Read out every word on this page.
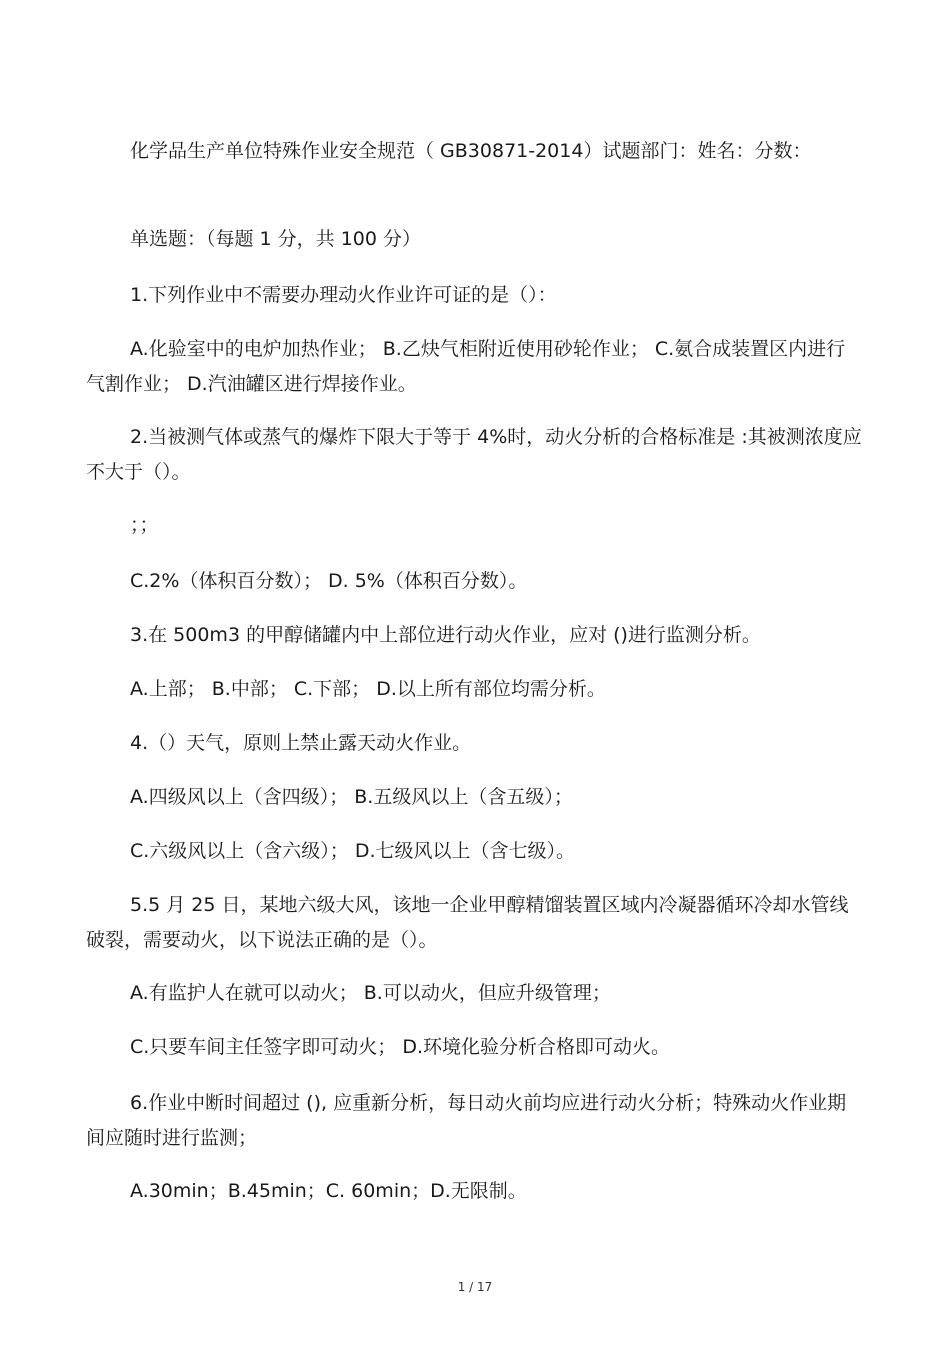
化学品生产单位特殊作业安全规范（ GB30871-2014）试题部门：姓名：分数：

单选题：（每题 1 分，共 100 分）

1.下列作业中不需要办理动火作业许可证的是（）：

A.化验室中的电炉加热作业； B.乙炔气柜附近使用砂轮作业； C.氨合成装置区内进行气割作业； D.汽油罐区进行焊接作业。

2.当被测气体或蒸气的爆炸下限大于等于 4%时，动火分析的合格标准是 :其被测浓度应不大于（）。

；；

C.2%（体积百分数）； D. 5%（体积百分数）。

3.在 500m3 的甲醇储罐内中上部位进行动火作业，应对 ()进行监测分析。

A.上部； B.中部； C.下部； D.以上所有部位均需分析。

4.（）天气，原则上禁止露天动火作业。

A.四级风以上（含四级）； B.五级风以上（含五级）；

C.六级风以上（含六级）； D.七级风以上（含七级）。

5.5 月 25 日，某地六级大风，该地一企业甲醇精馏装置区域内冷凝器循环冷却水管线破裂，需要动火，以下说法正确的是（）。

A.有监护人在就可以动火； B.可以动火，但应升级管理；

C.只要车间主任签字即可动火； D.环境化验分析合格即可动火。

6.作业中断时间超过 (), 应重新分析，每日动火前均应进行动火分析；特殊动火作业期间应随时进行监测；

A.30min；B.45min；C. 60min；D.无限制。

1 / 17
